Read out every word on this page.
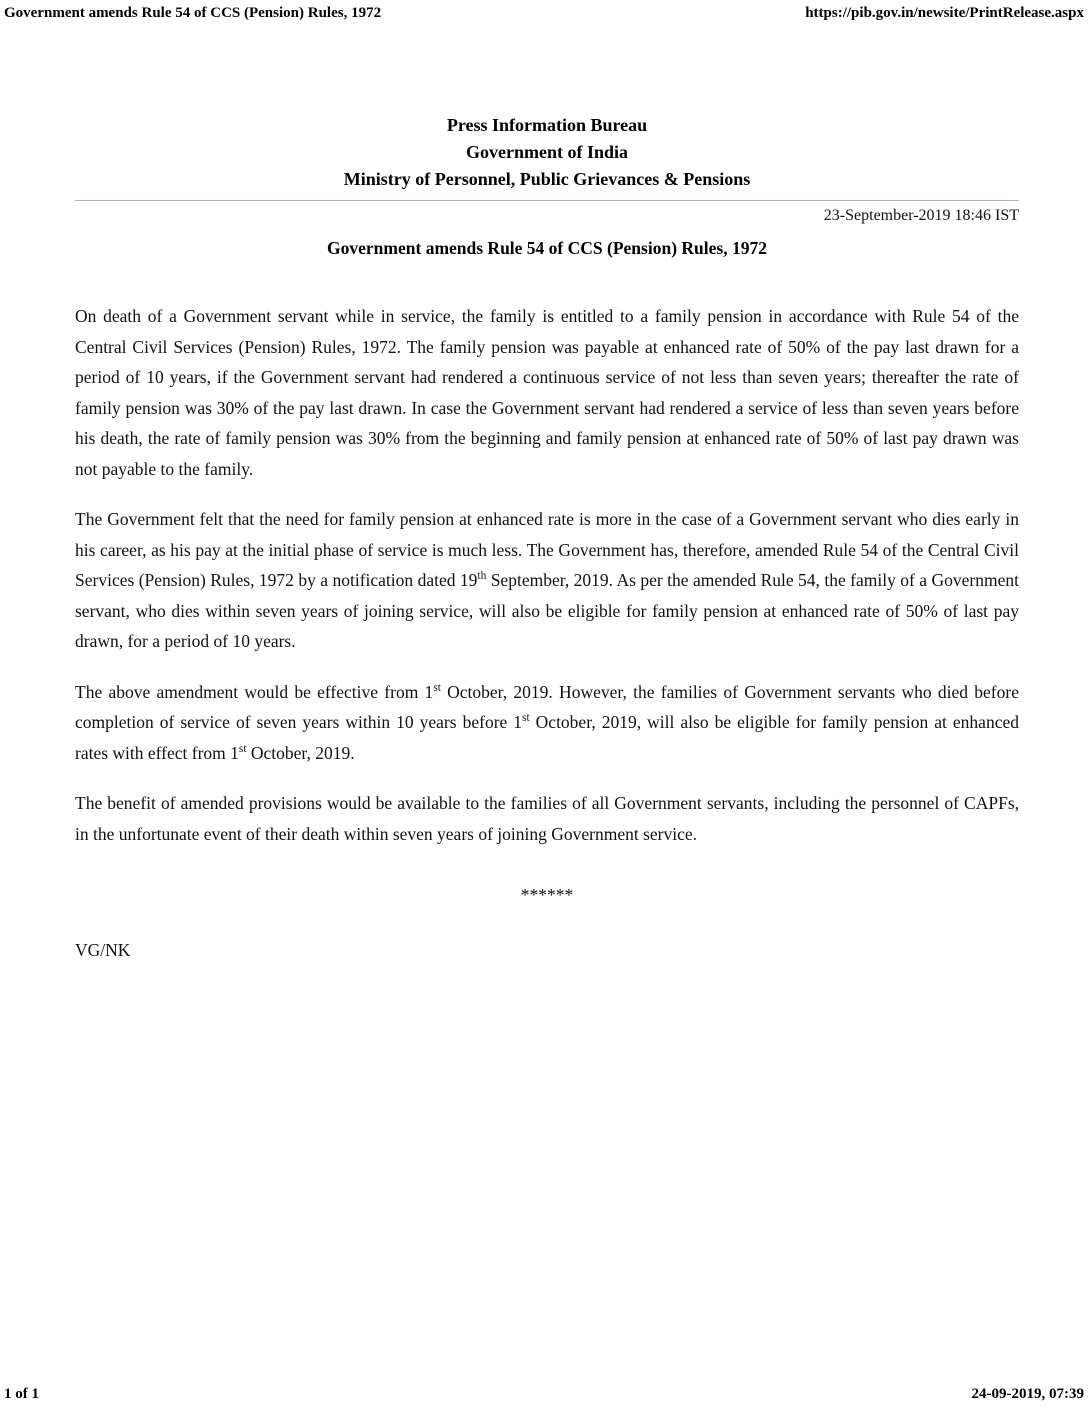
Government amends Rule 54 of CCS (Pension) Rules, 1972	https://pib.gov.in/newsite/PrintRelease.aspx
Press Information Bureau
Government of India
Ministry of Personnel, Public Grievances & Pensions
23-September-2019 18:46 IST
Government amends Rule 54 of CCS (Pension) Rules, 1972

On death of a Government servant while in service, the family is entitled to a family pension in accordance with Rule 54 of the Central Civil Services (Pension) Rules, 1972. The family pension was payable at enhanced rate of 50% of the pay last drawn for a period of 10 years, if the Government servant had rendered a continuous service of not less than seven years; thereafter the rate of family pension was 30% of the pay last drawn. In case the Government servant had rendered a service of less than seven years before his death, the rate of family pension was 30% from the beginning and family pension at enhanced rate of 50% of last pay drawn was not payable to the family.

The Government felt that the need for family pension at enhanced rate is more in the case of a Government servant who dies early in his career, as his pay at the initial phase of service is much less. The Government has, therefore, amended Rule 54 of the Central Civil Services (Pension) Rules, 1972 by a notification dated 19th September, 2019. As per the amended Rule 54, the family of a Government servant, who dies within seven years of joining service, will also be eligible for family pension at enhanced rate of 50% of last pay drawn, for a period of 10 years.

The above amendment would be effective from 1st October, 2019. However, the families of Government servants who died before completion of service of seven years within 10 years before 1st October, 2019, will also be eligible for family pension at enhanced rates with effect from 1st October, 2019.

The benefit of amended provisions would be available to the families of all Government servants, including the personnel of CAPFs, in the unfortunate event of their death within seven years of joining Government service.

******

VG/NK

1 of 1	24-09-2019, 07:39
